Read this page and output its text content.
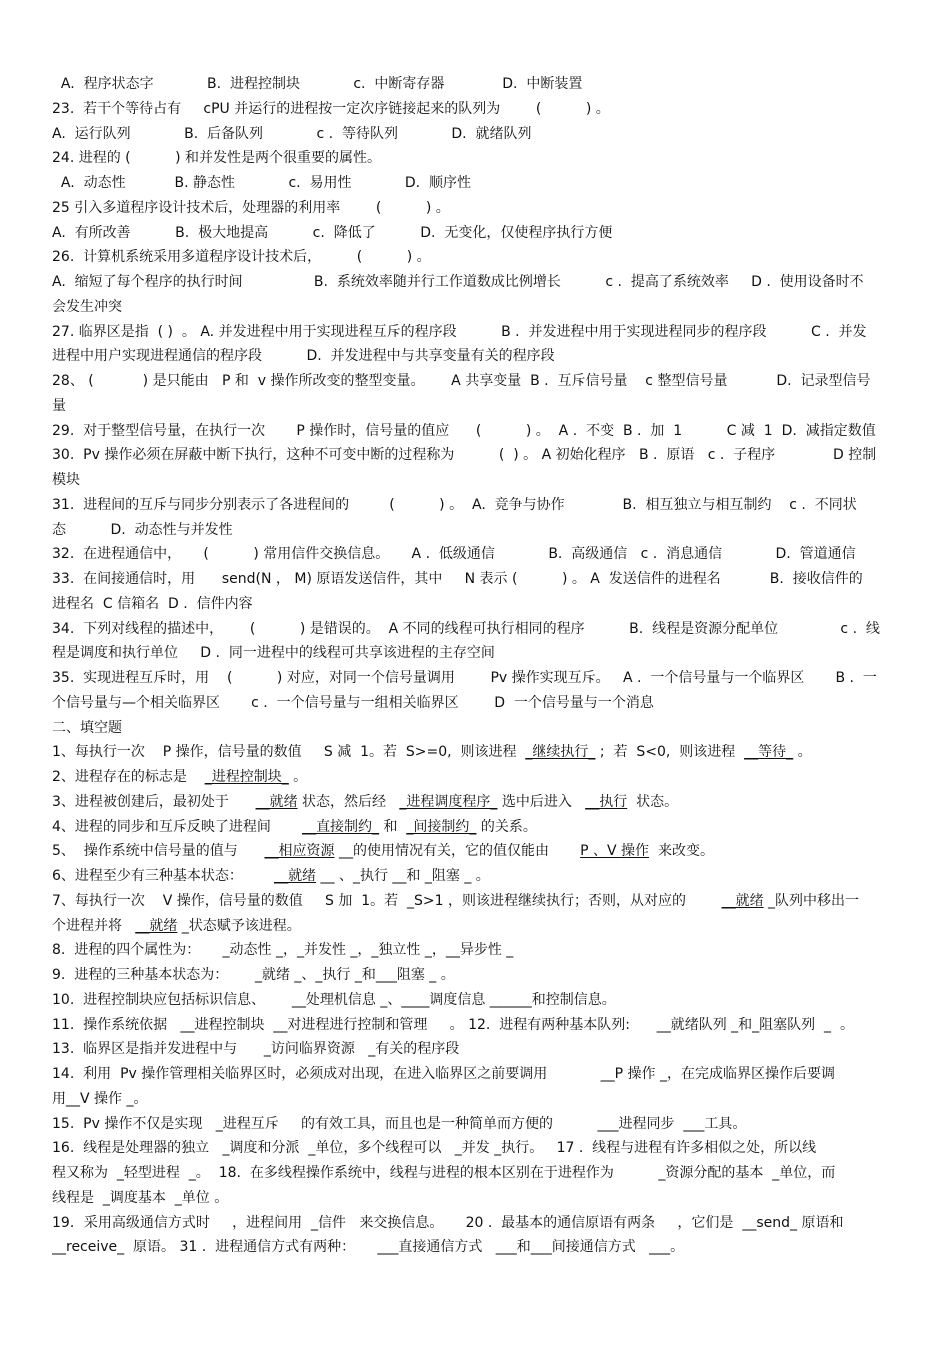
A.  程序状态字            B.  进程控制块            c.  中断寄存器             D.  中断装置
23.  若干个等待占有     cPU 并运行的进程按一定次序链接起来的队列为        (          ) 。
A.  运行队列            B.  后备队列            c .  等待队列            D.  就绪队列
24. 进程的 (          ) 和并发性是两个很重要的属性。
A.  动态性           B. 静态性            c.  易用性            D.  顺序性
25 引入多道程序设计技术后，处理器的利用率        (          ) 。
A.  有所改善          B.  极大地提高          c.  降低了          D.  无变化，仅使程序执行方便
26.  计算机系统采用多道程序设计技术后，        (          ) 。
A.  缩短了每个程序的执行时间                B.  系统效率随并行工作道数成比例增长          c .  提高了系统效率     D .  使用设备时不
会发生冲突
27. 临界区是指  ( )  。 A. 并发进程中用于实现进程互斥的程序段          B .  并发进程中用于实现进程同步的程序段          C .  并发
进程中用户实现进程通信的程序段          D.  并发进程中与共享变量有关的程序段
28、 (           ) 是只能由   P 和  v 操作所改变的整型变量。      A 共享变量  B .  互斥信号量    c 整型信号量           D.  记录型信号
量
29.  对于整型信号量，在执行一次       P 操作时，信号量的值应      (          ) 。  A .  不变  B .  加  1          C 减  1  D.  减指定数值
30.  Pv 操作必须在屏蔽中断下执行，这种不可变中断的过程称为          (  ) 。 A 初始化程序   B .  原语   c .  子程序             D 控制
模块
31.  进程间的互斥与同步分别表示了各进程间的         (          ) 。  A.  竞争与协作             B.  相互独立与相互制约    c .  不同状
态          D.  动态性与并发性
32.  在进程通信中，     (          ) 常用信件交换信息。     A .  低级通信            B.  高级通信   c .  消息通信            D.  管道通信
33.  在间接通信时，用      send(N ， M) 原语发送信件，其中     N 表示 (          ) 。 A  发送信件的进程名           B.  接收信件的
进程名  C 信箱名  D .  信件内容
34.  下列对线程的描述中，      (          ) 是错误的。  A 不同的线程可执行相同的程序          B.  线程是资源分配单位              c .  线
程是调度和执行单位     D .  同一进程中的线程可共享该进程的主存空间
35.  实现进程互斥时，用    (          ) 对应，对同一个信号量调用        Pv 操作实现互斥。   A .  一个信号量与一个临界区       B .  一
个信号量与—个相关临界区       c .  一个信号量与一组相关临界区        D  一个信号量与一个消息
二、填空题
1、每执行一次    P 操作，信号量的数值     S 减  1。若  S>=0,  则该进程  _继续执行_ ;  若  S<0,  则该进程  __等待_ 。
2、进程存在的标志是    _进程控制块_ 。
3、进程被创建后，最初处于      __就绪 状态，然后经   _进程调度程序_ 选中后进入   __执行  状态。
4、进程的同步和互斥反映了进程间       __直接制约_ 和  _间接制约_ 的关系。
5、  操作系统中信号量的值与      __相应资源 __的使用情况有关，它的值仅能由       P 、V 操作  来改变。
6、进程至少有三种基本状态：       __就绪 __ 、_执行 __和 _阻塞 _ 。
7、每执行一次    V 操作，信号量的数值     S 加  1。若  _S>1 ，则该进程继续执行；否则，从对应的        __就绪 _队列中移出一
个进程并将   __就绪 _状态赋予该进程。
8.  进程的四个属性为：     _动态性 _，_并发性 _，_独立性 _，__异步性 _
9.  进程的三种基本状态为：      _就绪 _、_执行 _和___阻塞 _ 。
10.  进程控制块应包括标识信息、      __处理机信息 _、____调度信息 ______和控制信息。
11.  操作系统依据   __进程控制块  __对进程进行控制和管理     。 12.  进程有两种基本队列:      __就绪队列 _和_阻塞队列  _  。
13.  临界区是指并发进程中与      _访问临界资源   _有关的程序段
14.  利用  Pv 操作管理相关临界区时，必须成对出现，在进入临界区之前要调用            __P 操作 _，在完成临界区操作后要调
用__V 操作 _。
15.  Pv 操作不仅是实现   _进程互斥     的有效工具，而且也是一种简单而方便的          ___进程同步  ___工具。
16.  线程是处理器的独立   _调度和分派  _单位，多个线程可以   _并发 _执行。   17 .  线程与进程有许多相似之处，所以线
程又称为  _轻型进程  _。  18.  在多线程操作系统中，线程与进程的根本区别在于进程作为          _资源分配的基本  _单位，而
线程是  _调度基本  _单位 。
19．采用高级通信方式时     ，进程间用  _信件   来交换信息。     20 .  最基本的通信原语有两条     ，它们是  __send_ 原语和
__receive_  原语。 31 .  进程通信方式有两种：     ___直接通信方式   ___和___间接通信方式   ___。
